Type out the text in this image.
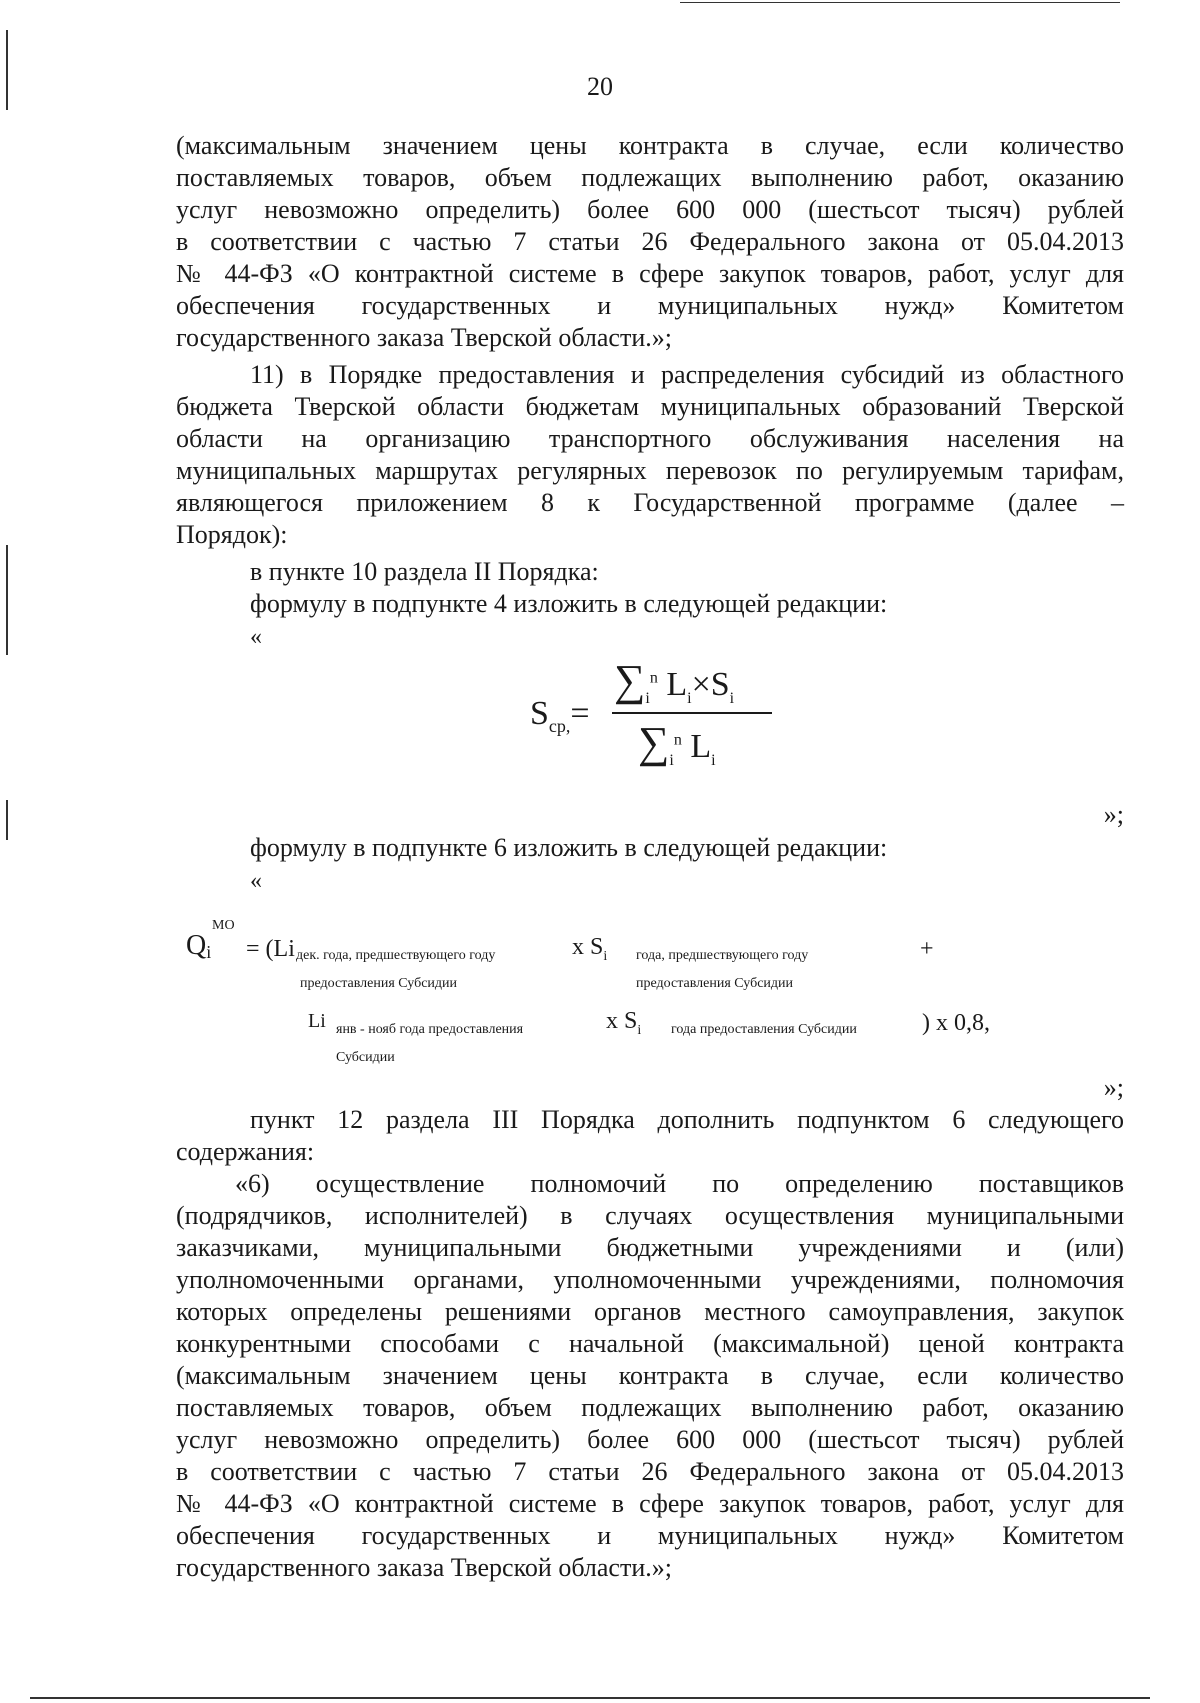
20
(максимальным значением цены контракта в случае, если количество
поставляемых товаров, объем подлежащих выполнению работ, оказанию
услуг невозможно определить) более 600 000 (шестьсот тысяч) рублей
в соответствии с частью 7 статьи 26 Федерального закона от 05.04.2013
№ 44-ФЗ «О контрактной системе в сфере закупок товаров, работ, услуг для
обеспечения государственных и муниципальных нужд» Комитетом
государственного заказа Тверской области.»;
11) в Порядке предоставления и распределения субсидий из областного
бюджета Тверской области бюджетам муниципальных образований Тверской
области на организацию транспортного обслуживания населения на
муниципальных маршрутах регулярных перевозок по регулируемым тарифам,
являющегося приложением 8 к Государственной программе (далее –
Порядок):
в пункте 10 раздела II Порядка:
формулу в подпункте 4 изложить в следующей редакции:
«
$S_{ср,}=$
$\sum_i^n$ $L_i\times S_i$
$\sum_i^n$ $L_i$
»;
формулу в подпункте 6 изложить в следующей редакции:
«
$Q_i$
МО
= (Li дек. года, предшествующего году
предоставления Субсидии
x $S_i$ года, предшествующего году
предоставления Субсидии
+
Li янв - нояб года предоставления
Субсидии
x $S_i$ года предоставления Субсидии	) x 0,8,
»;
пункт 12 раздела III Порядка дополнить подпунктом 6 следующего
содержания:
«6) осуществление полномочий по определению поставщиков
(подрядчиков, исполнителей) в случаях осуществления муниципальными
заказчиками, муниципальными бюджетными учреждениями и (или)
уполномоченными органами, уполномоченными учреждениями, полномочия
которых определены решениями органов местного самоуправления, закупок
конкурентными способами с начальной (максимальной) ценой контракта
(максимальным значением цены контракта в случае, если количество
поставляемых товаров, объем подлежащих выполнению работ, оказанию
услуг невозможно определить) более 600 000 (шестьсот тысяч) рублей
в соответствии с частью 7 статьи 26 Федерального закона от 05.04.2013
№ 44-ФЗ «О контрактной системе в сфере закупок товаров, работ, услуг для
обеспечения государственных и муниципальных нужд» Комитетом
государственного заказа Тверской области.»;
